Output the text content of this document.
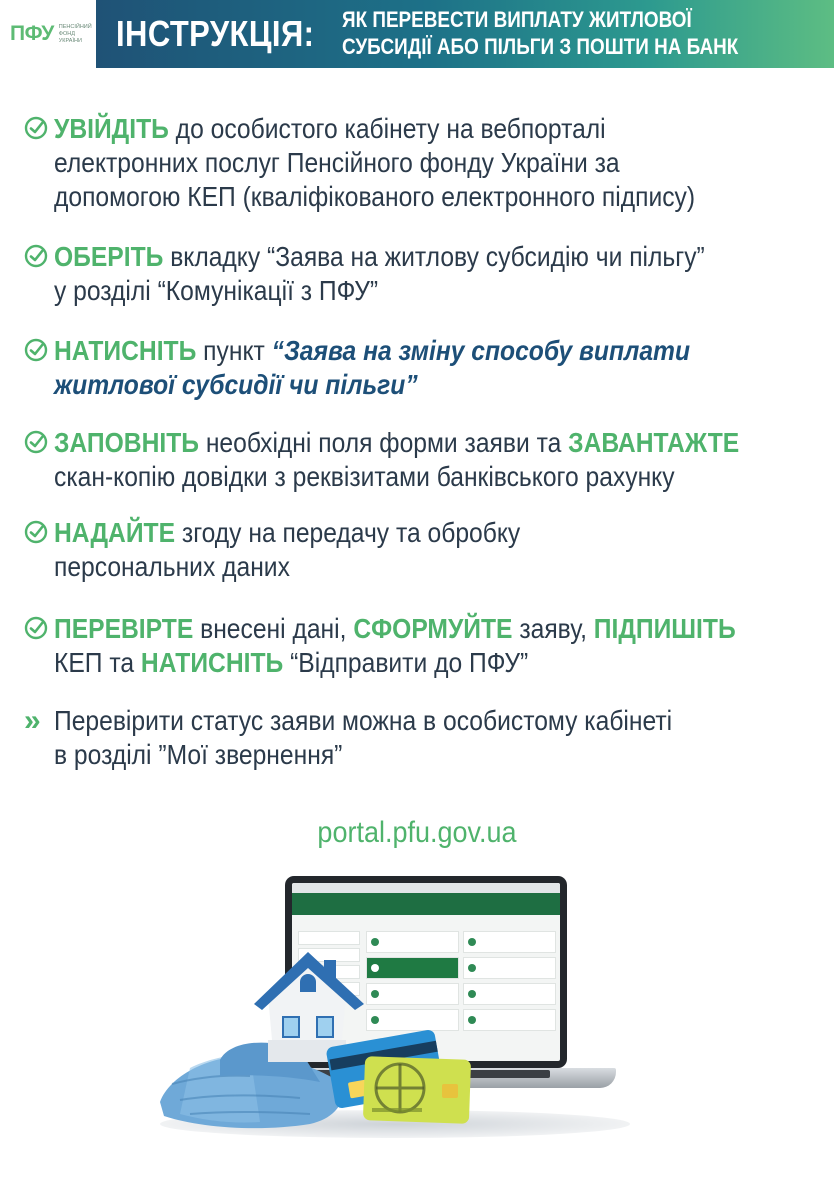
ПФУ ПЕНСІЙНИЙ ФОНД УКРАЇНИ ІНСТРУКЦІЯ: ЯК ПЕРЕВЕСТИ ВИПЛАТУ ЖИТЛОВОЇ
СУБСИДІЇ АБО ПІЛЬГИ З ПОШТИ НА БАНК
УВІЙДІТЬ до особистого кабінету на вебпорталі
електронних послуг Пенсійного фонду України за
допомогою КЕП (кваліфікованого електронного підпису)
ОБЕРІТЬ вкладку “Заява на житлову субсидію чи пільгу”
у розділі “Комунікації з ПФУ”
НАТИСНІТЬ пункт “Заява на зміну способу виплати
житлової субсидії чи пільги”
ЗАПОВНІТЬ необхідні поля форми заяви та ЗАВАНТАЖТЕ
скан-копію довідки з реквізитами банківського рахунку
НАДАЙТЕ згоду на передачу та обробку
персональних даних
ПЕРЕВІРТЕ внесені дані, СФОРМУЙТЕ заяву, ПІДПИШІТЬ
КЕП та НАТИСНІТЬ “Відправити до ПФУ”
» Перевірити статус заяви можна в особистому кабінеті
в розділі ”Мої звернення”
portal.pfu.gov.ua
